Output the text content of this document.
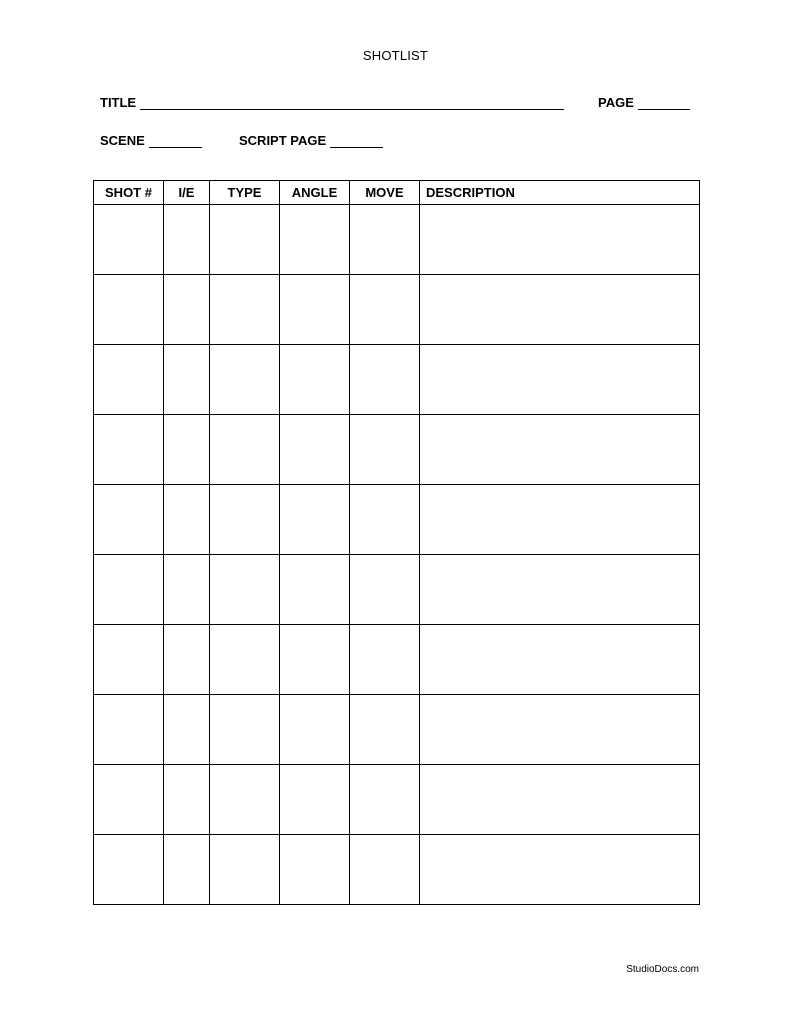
SHOTLIST
TITLE	PAGE
SCENE	SCRIPT PAGE
SHOT #	I/E	TYPE	ANGLE	MOVE	DESCRIPTION

StudioDocs.com
